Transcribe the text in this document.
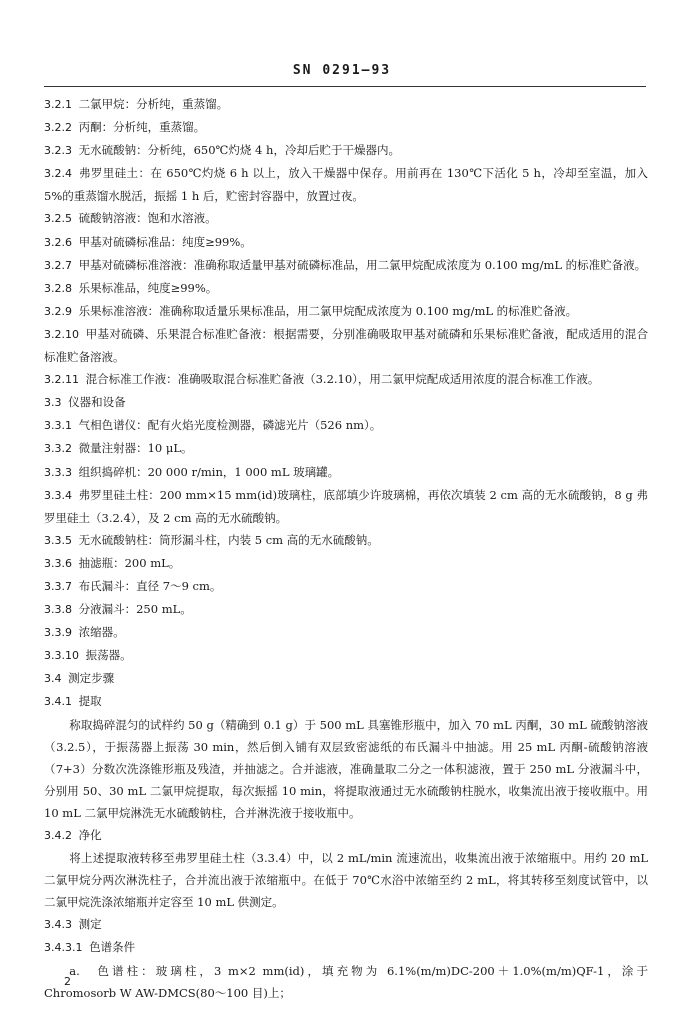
SN 0291—93

3.2.1 二氯甲烷：分析纯，重蒸馏。

3.2.2 丙酮：分析纯，重蒸馏。

3.2.3 无水硫酸钠：分析纯，650℃灼烧 4 h，冷却后贮于干燥器内。

3.2.4 弗罗里硅土：在 650℃灼烧 6 h 以上，放入干燥器中保存。用前再在 130℃下活化 5 h，冷却至室温，加入 5%的重蒸馏水脱活，振摇 1 h 后，贮密封容器中，放置过夜。

3.2.5 硫酸钠溶液：饱和水溶液。

3.2.6 甲基对硫磷标准品：纯度≥99%。

3.2.7 甲基对硫磷标准溶液：准确称取适量甲基对硫磷标准品，用二氯甲烷配成浓度为 0.100 mg/mL 的标准贮备液。

3.2.8 乐果标准品，纯度≥99%。

3.2.9 乐果标准溶液：准确称取适量乐果标准品，用二氯甲烷配成浓度为 0.100 mg/mL 的标准贮备液。

3.2.10 甲基对硫磷、乐果混合标准贮备液：根据需要，分别准确吸取甲基对硫磷和乐果标准贮备液，配成适用的混合标准贮备溶液。

3.2.11 混合标准工作液：准确吸取混合标准贮备液（3.2.10），用二氯甲烷配成适用浓度的混合标准工作液。

3.3 仪器和设备

3.3.1 气相色谱仪：配有火焰光度检测器，磷滤光片（526 nm）。

3.3.2 微量注射器：10 μL。

3.3.3 组织捣碎机：20 000 r/min，1 000 mL 玻璃罐。

3.3.4 弗罗里硅土柱：200 mm×15 mm(id)玻璃柱，底部填少许玻璃棉，再依次填装 2 cm 高的无水硫酸钠，8 g 弗罗里硅土（3.2.4），及 2 cm 高的无水硫酸钠。

3.3.5 无水硫酸钠柱：筒形漏斗柱，内装 5 cm 高的无水硫酸钠。

3.3.6 抽滤瓶：200 mL。

3.3.7 布氏漏斗：直径 7～9 cm。

3.3.8 分液漏斗：250 mL。

3.3.9 浓缩器。

3.3.10 振荡器。

3.4 测定步骤

3.4.1 提取

称取捣碎混匀的试样约 50 g（精确到 0.1 g）于 500 mL 具塞锥形瓶中，加入 70 mL 丙酮，30 mL 硫酸钠溶液（3.2.5），于振荡器上振荡 30 min，然后倒入铺有双层致密滤纸的布氏漏斗中抽滤。用 25 mL 丙酮-硫酸钠溶液（7+3）分数次洗涤锥形瓶及残渣，并抽滤之。合并滤液，准确量取二分之一体积滤液，置于 250 mL 分液漏斗中，分别用 50、30 mL 二氯甲烷提取，每次振摇 10 min，将提取液通过无水硫酸钠柱脱水，收集流出液于接收瓶中。用 10 mL 二氯甲烷淋洗无水硫酸钠柱，合并淋洗液于接收瓶中。

3.4.2 净化

将上述提取液转移至弗罗里硅土柱（3.3.4）中，以 2 mL/min 流速流出，收集流出液于浓缩瓶中。用约 20 mL 二氯甲烷分两次淋洗柱子，合并流出液于浓缩瓶中。在低于 70℃水浴中浓缩至约 2 mL，将其转移至刻度试管中，以二氯甲烷洗涤浓缩瓶并定容至 10 mL 供测定。

3.4.3 测定

3.4.3.1 色谱条件

a.　色谱柱：玻璃柱，3 m×2 mm(id)，填充物为 6.1%(m/m)DC-200＋1.0%(m/m)QF-1，涂于 Chromosorb W AW-DMCS(80～100 目)上；

2
